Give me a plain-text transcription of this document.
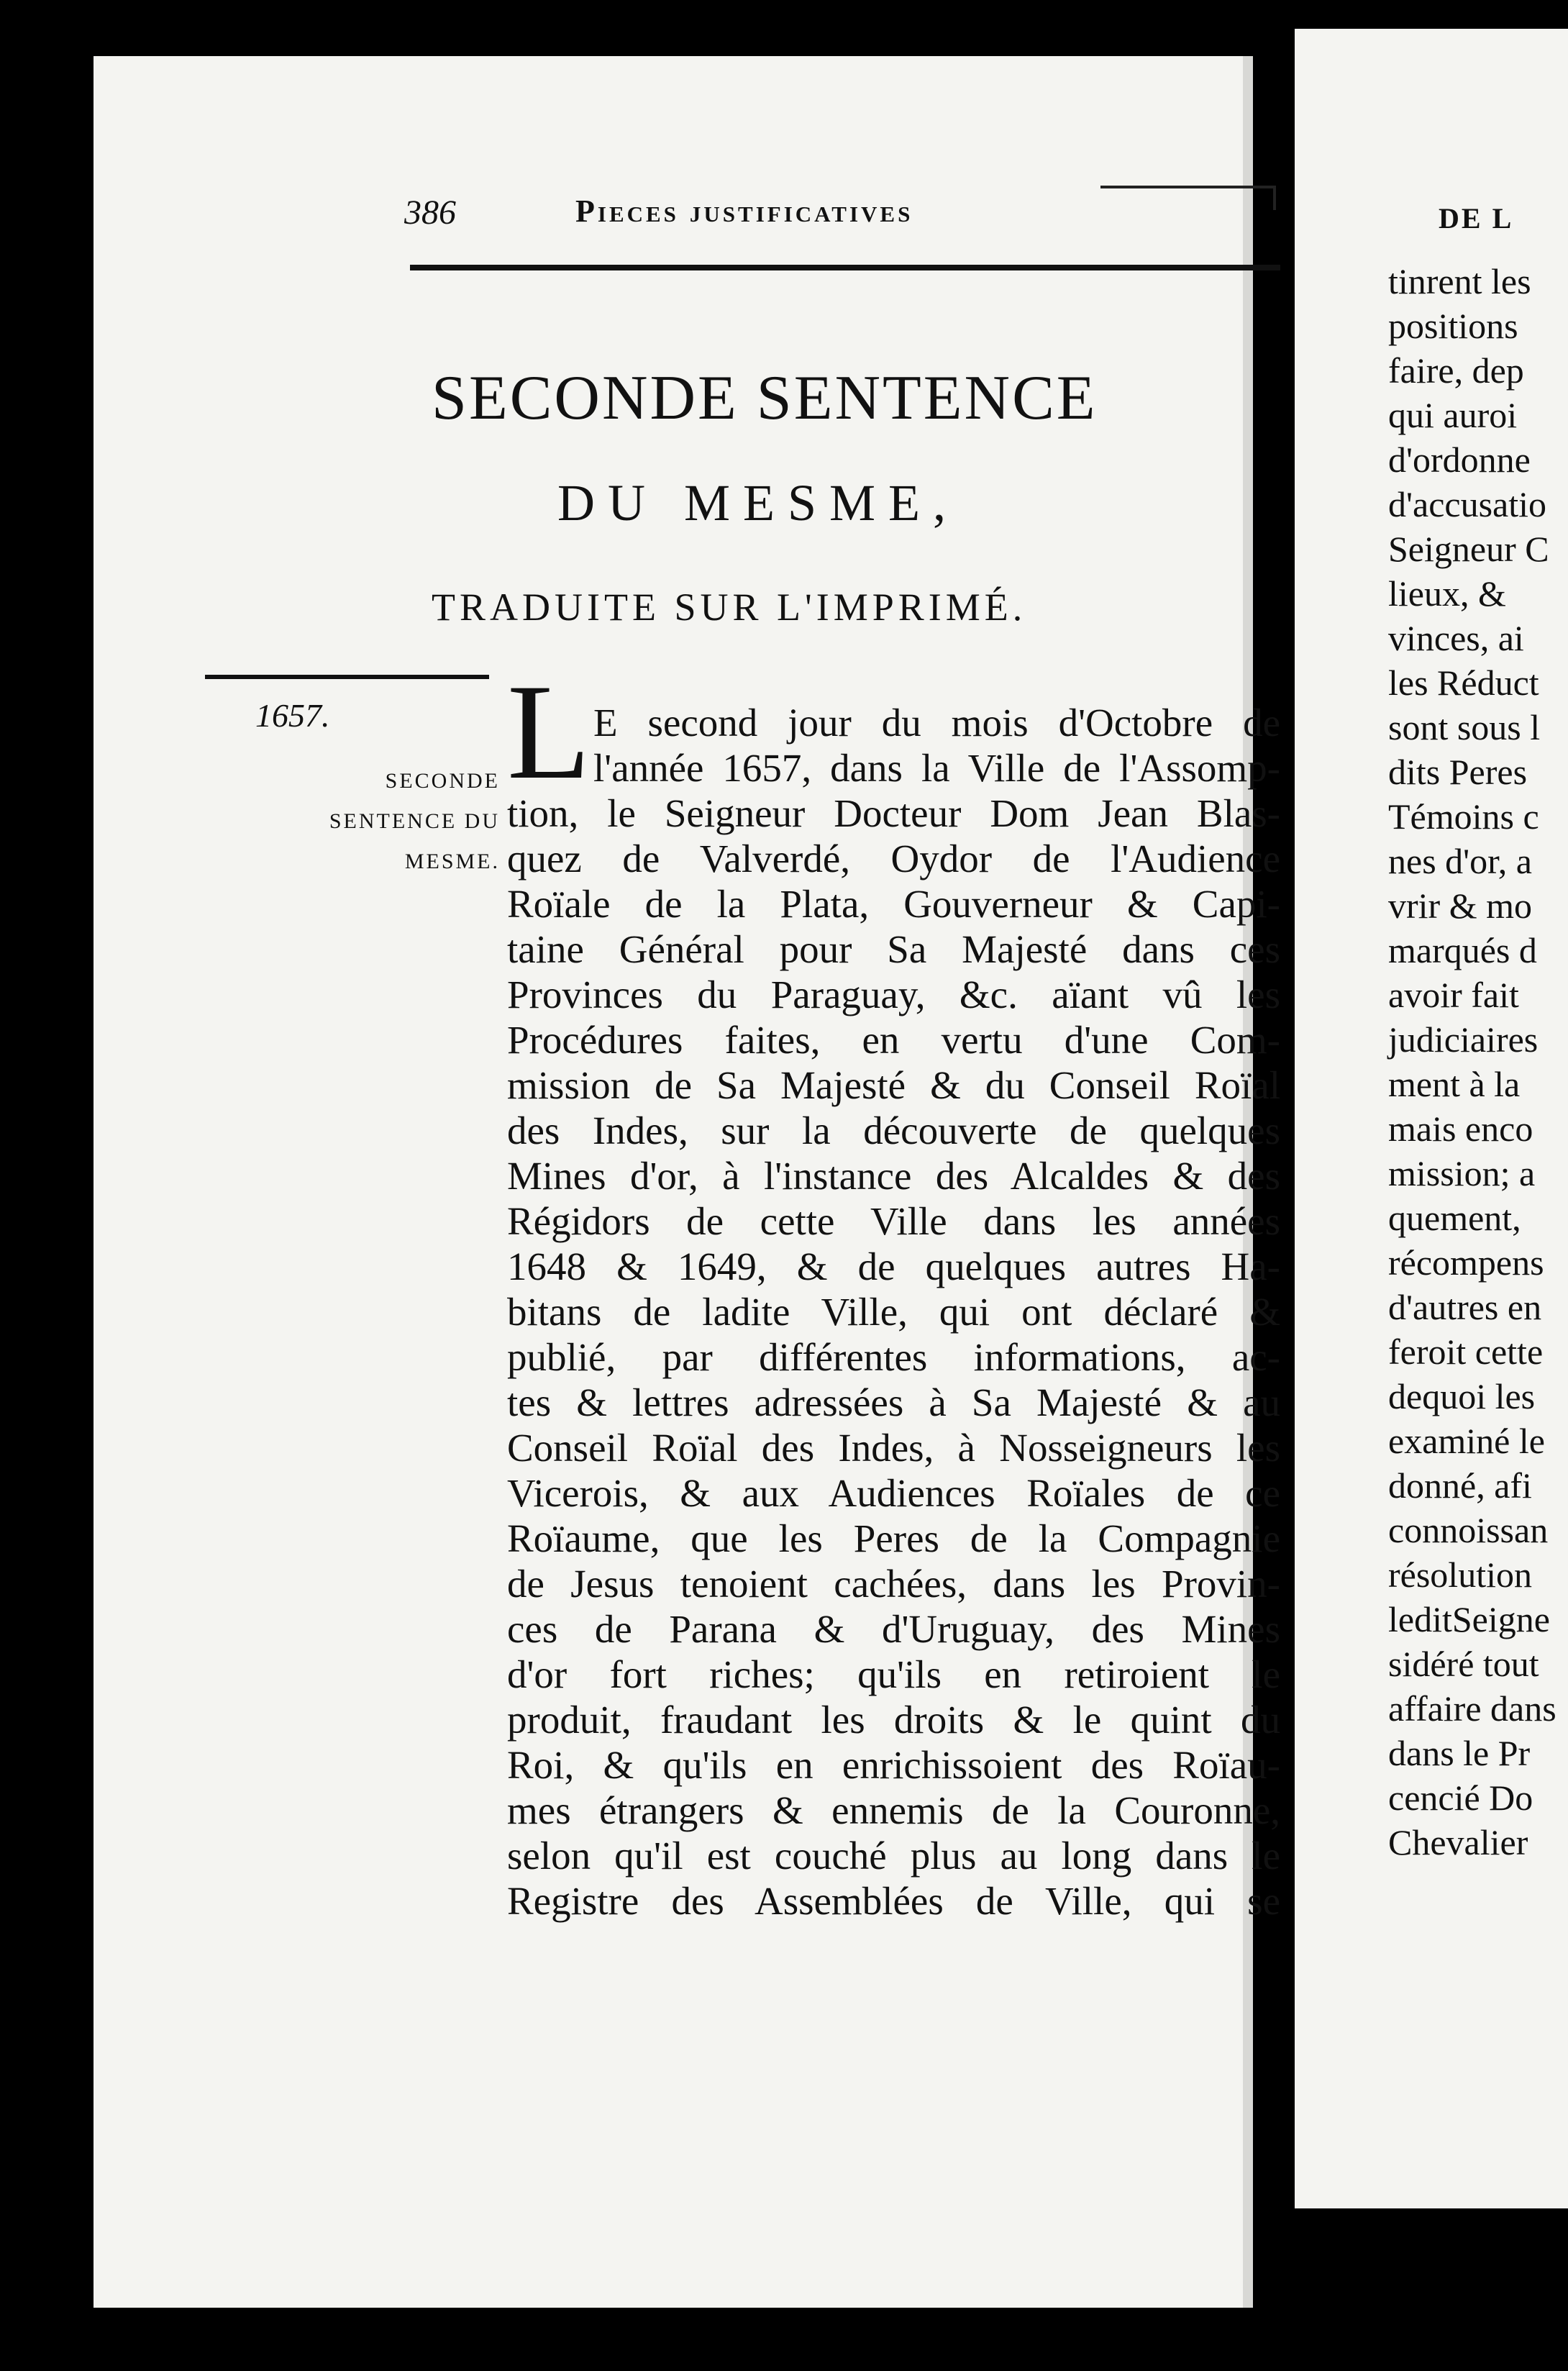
386	Pieces justificatives
SECONDE SENTENCE
DU MESME,
TRADUITE SUR L'IMPRIMÉ.
1657.
SECONDE
SENTENCE DU
MESME.
L E second jour du mois d'Octobre de
l'année 1657, dans la Ville de l'Assomp-
tion, le Seigneur Docteur Dom Jean Blas-
quez de Valverdé, Oydor de l'Audience
Roïale de la Plata, Gouverneur & Capi-
taine Général pour Sa Majesté dans ces
Provinces du Paraguay, &c. aïant vû les
Procédures faites, en vertu d'une Com-
mission de Sa Majesté & du Conseil Roïal
des Indes, sur la découverte de quelques
Mines d'or, à l'instance des Alcaldes & des
Régidors de cette Ville dans les années
1648 & 1649, & de quelques autres Ha-
bitans de ladite Ville, qui ont déclaré &
publié, par différentes informations, ac-
tes & lettres adressées à Sa Majesté & au
Conseil Roïal des Indes, à Nosseigneurs les
Vicerois, & aux Audiences Roïales de ce
Roïaume, que les Peres de la Compagnie
de Jesus tenoient cachées, dans les Provin-
ces de Parana & d'Uruguay, des Mines
d'or fort riches; qu'ils en retiroient le
produit, fraudant les droits & le quint du
Roi, & qu'ils en enrichissoient des Roïau-
mes étrangers & ennemis de la Couronne,
selon qu'il est couché plus au long dans le
Registre des Assemblées de Ville, qui se
DE L
tinrent les
positions
faire, dep
qui auroi
d'ordonne
d'accusatio
Seigneur C
lieux, &
vinces, ai
les Réduct
sont sous l
dits Peres
Témoins c
nes d'or, a
vrir & mo
marqués d
avoir fait
judiciaires
ment à la
mais enco
mission; a
quement,
récompens
d'autres en
feroit cette
dequoi les
examiné le
donné, afi
connoissan
résolution
leditSeigne
sidéré tout
affaire dans
dans le Pr
cencié Do
Chevalier
